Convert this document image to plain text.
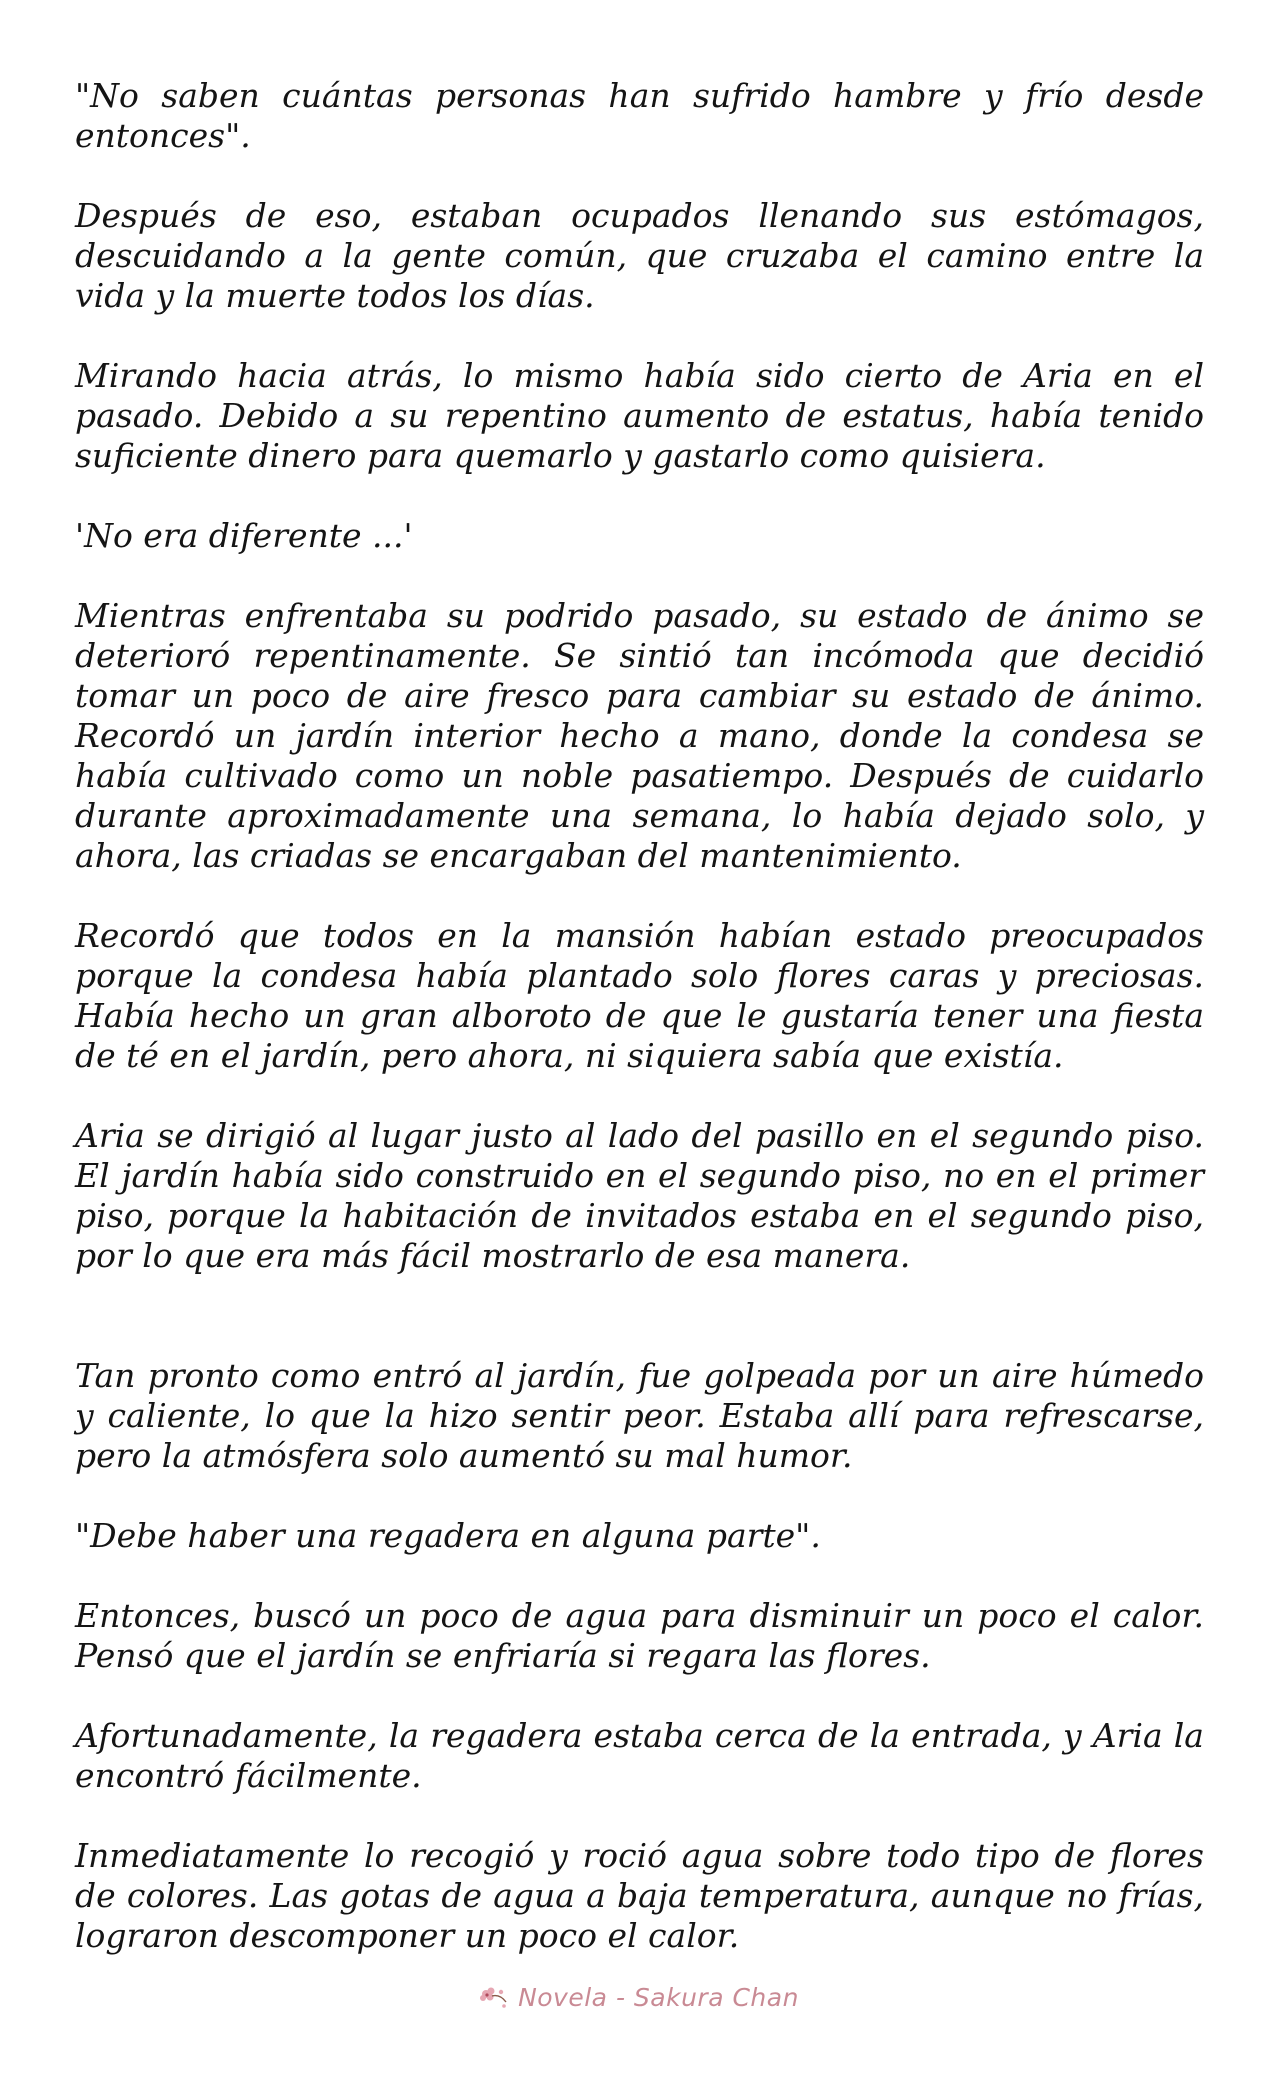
"No saben cuántas personas han sufrido hambre y frío desde entonces".

Después de eso, estaban ocupados llenando sus estómagos, descuidando a la gente común, que cruzaba el camino entre la vida y la muerte todos los días.

Mirando hacia atrás, lo mismo había sido cierto de Aria en el pasado. Debido a su repentino aumento de estatus, había tenido suficiente dinero para quemarlo y gastarlo como quisiera.

'No era diferente ...'

Mientras enfrentaba su podrido pasado, su estado de ánimo se deterioró repentinamente. Se sintió tan incómoda que decidió tomar un poco de aire fresco para cambiar su estado de ánimo. Recordó un jardín interior hecho a mano, donde la condesa se había cultivado como un noble pasatiempo. Después de cuidarlo durante aproximadamente una semana, lo había dejado solo, y ahora, las criadas se encargaban del mantenimiento.

Recordó que todos en la mansión habían estado preocupados porque la condesa había plantado solo flores caras y preciosas. Había hecho un gran alboroto de que le gustaría tener una fiesta de té en el jardín, pero ahora, ni siquiera sabía que existía.

Aria se dirigió al lugar justo al lado del pasillo en el segundo piso. El jardín había sido construido en el segundo piso, no en el primer piso, porque la habitación de invitados estaba en el segundo piso, por lo que era más fácil mostrarlo de esa manera.

Tan pronto como entró al jardín, fue golpeada por un aire húmedo y caliente, lo que la hizo sentir peor. Estaba allí para refrescarse, pero la atmósfera solo aumentó su mal humor.

"Debe haber una regadera en alguna parte".

Entonces, buscó un poco de agua para disminuir un poco el calor. Pensó que el jardín se enfriaría si regara las flores.

Afortunadamente, la regadera estaba cerca de la entrada, y Aria la encontró fácilmente.

Inmediatamente lo recogió y roció agua sobre todo tipo de flores de colores. Las gotas de agua a baja temperatura, aunque no frías, lograron descomponer un poco el calor.

Novela - Sakura Chan
